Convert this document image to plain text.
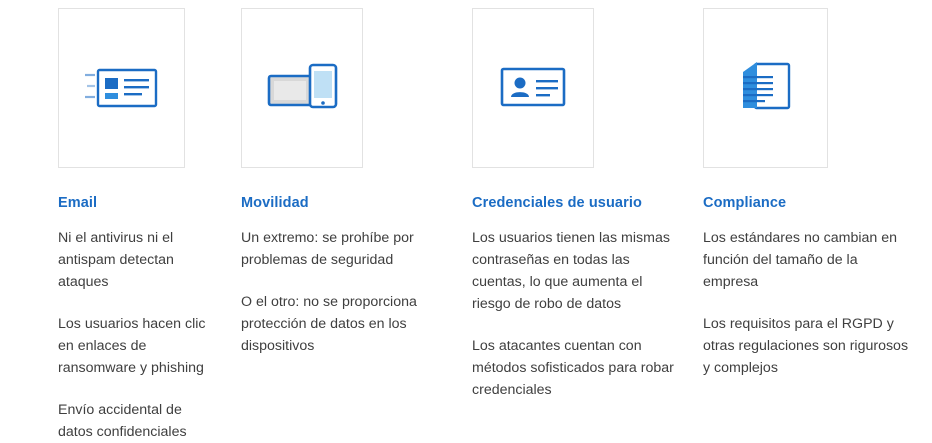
Email
Ni el antivirus ni el antispam detectan ataques
Los usuarios hacen clic en enlaces de ransomware y phishing
Envío accidental de datos confidenciales
Movilidad
Un extremo: se prohíbe por problemas de seguridad
O el otro: no se proporciona protección de datos en los dispositivos
Credenciales de usuario
Los usuarios tienen las mismas contraseñas en todas las cuentas, lo que aumenta el riesgo de robo de datos
Los atacantes cuentan con métodos sofisticados para robar credenciales
Compliance
Los estándares no cambian en función del tamaño de la empresa
Los requisitos para el RGPD y otras regulaciones son rigurosos y complejos
